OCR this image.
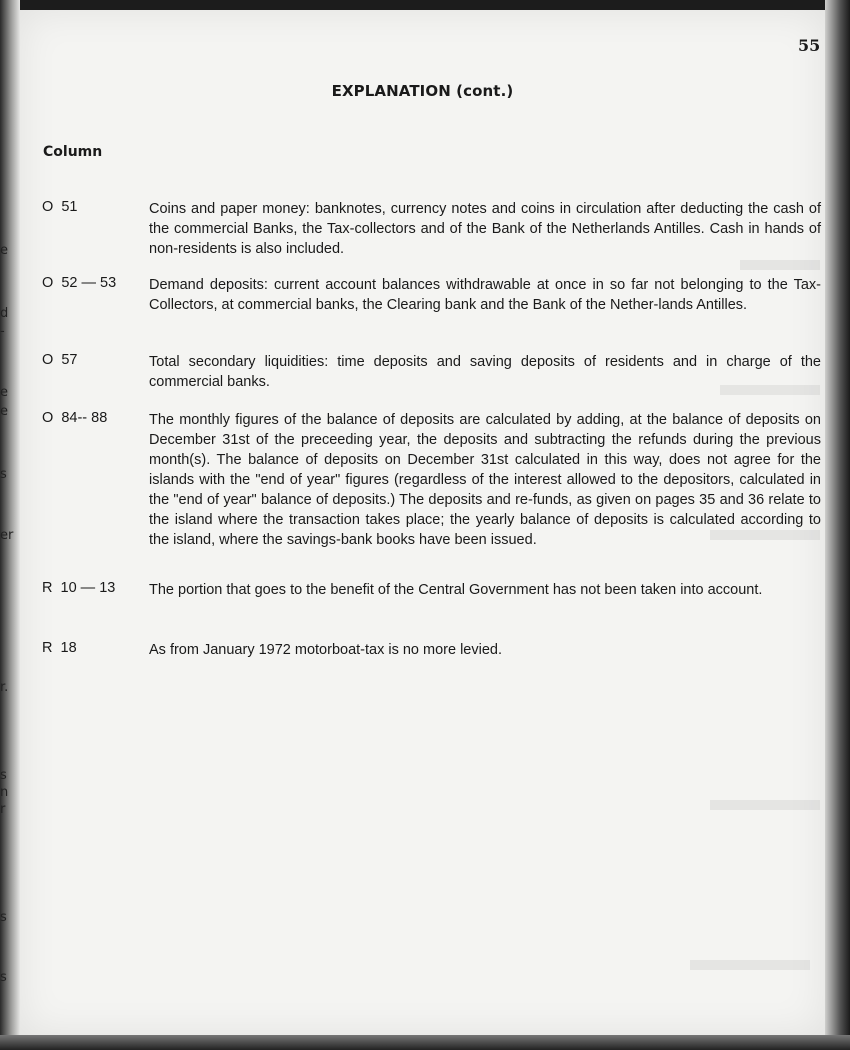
e
d
-
e
e
s
er
r.
s
n
r
s
s
55
EXPLANATION (cont.)
Column
O  51	Coins and paper money: banknotes, currency notes and coins in circulation after deducting the cash of the commercial Banks, the Tax-collectors and of the Bank of the Netherlands Antilles. Cash in hands of non-residents is also included.
O  52 — 53 Demand deposits: current account balances withdrawable at once in so far not belonging to the Tax-Collectors, at commercial banks, the Clearing bank and the Bank of the Nether-lands Antilles.
O  57	Total secondary liquidities: time deposits and saving deposits of residents and in charge of the commercial banks.
O  84-- 88	The monthly figures of the balance of deposits are calculated by adding, at the balance of deposits on December 31st of the preceeding year, the deposits and subtracting the refunds during the previous month(s). The balance of deposits on December 31st calculated in this way, does not agree for the islands with the "end of year" figures (regardless of the interest allowed to the depositors, calculated in the "end of year" balance of deposits.) The deposits and re-funds, as given on pages 35 and 36 relate to the island where the transaction takes place; the yearly balance of deposits is calculated according to the island, where the savings-bank books have been issued.
R  10 — 13 The portion that goes to the benefit of the Central Government has not been taken into account.
R  18	As from January 1972 motorboat-tax is no more levied.
